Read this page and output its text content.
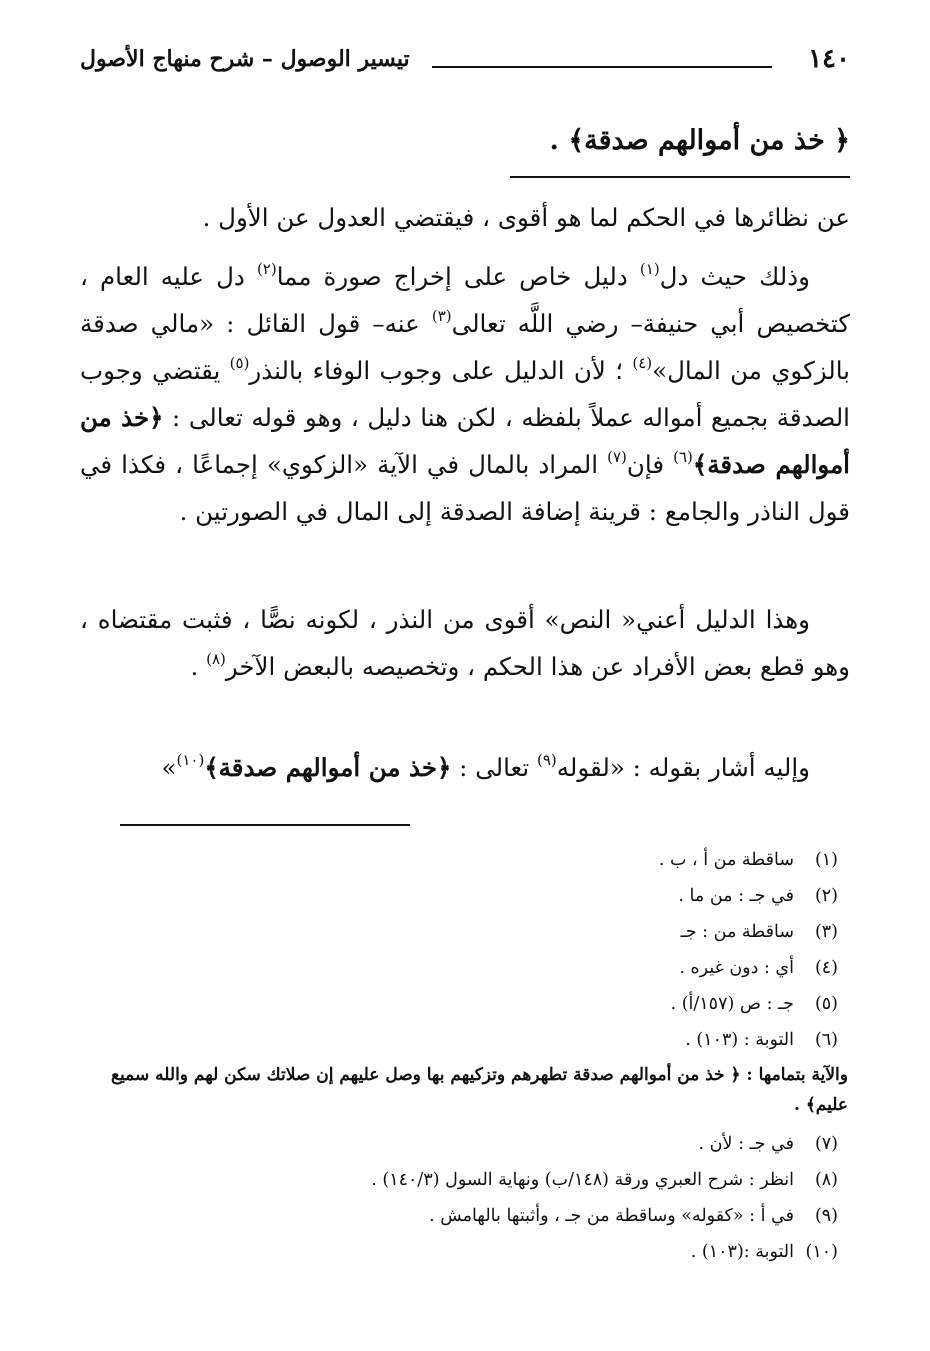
١٤٠
تيسير الوصول – شرح منهاج الأصول
﴿ خذ من أموالهم صدقة﴾ .

عن نظائرها في الحكم لما هو أقوى ، فيقتضي العدول عن الأول .

وذلك حيث دل$^{(١)}$ دليل خاص على إخراج صورة مما$^{(٢)}$ دل عليه العام ، كتخصيص أبي حنيفة– رضي اللَّه تعالى$^{(٣)}$ عنه– قول القائل : «مالي صدقة بالزكوي من المال»$^{(٤)}$ ؛ لأن الدليل على وجوب الوفاء بالنذر$^{(٥)}$ يقتضي وجوب الصدقة بجميع أمواله عملاً بلفظه ، لكن هنا دليل ، وهو قوله تعالى : ﴿خذ من أموالهم صدقة﴾$^{(٦)}$ فإن$^{(٧)}$ المراد بالمال في الآية «الزكوي» إجماعًا ، فكذا في قول الناذر والجامع : قرينة إضافة الصدقة إلى المال في الصورتين .

وهذا الدليل أعني« النص» أقوى من النذر ، لكونه نصًّا ، فثبت مقتضاه ، وهو قطع بعض الأفراد عن هذا الحكم ، وتخصيصه بالبعض الآخر$^{(٨)}$ .

وإليه أشار بقوله : «لقوله$^{(٩)}$ تعالى : ﴿خذ من أموالهم صدقة﴾$^{(١٠)}$»

(١)ساقطة من أ ، ب .
(٢)في جـ : من ما .
(٣)ساقطة من : جـ
(٤)أي : دون غيره .
(٥)جـ : ص (١٥٧/أ) .
(٦)التوبة : (١٠٣) .
والآية بتمامها : ﴿ خذ من أموالهم صدقة تطهرهم وتزكيهم بها وصل عليهم إن صلاتك سكن لهم والله سميع عليم﴾ .
(٧)في جـ : لأن .
(٨)انظر : شرح العبري ورقة (١٤٨/ب) ونهاية السول (١٤٠/٣) .
(٩)في أ : «كقوله» وساقطة من جـ ، وأثبتها بالهامش .
(١٠)التوبة :(١٠٣) .
